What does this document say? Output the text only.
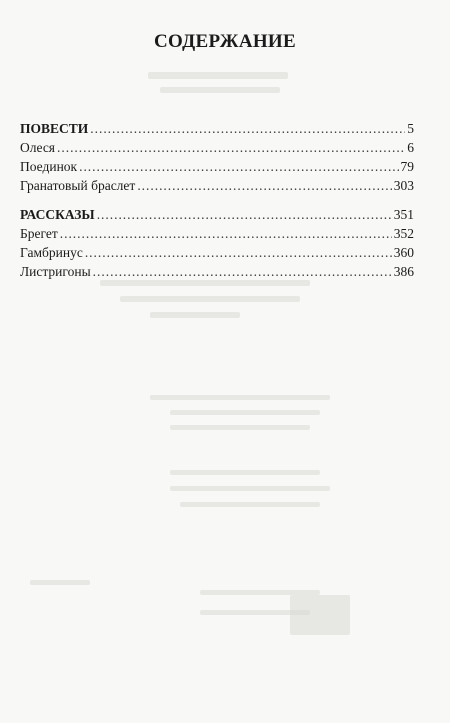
СОДЕРЖАНИЕ
ПОВЕСТИ . . .	5
Олеся . . .	6
Поединок . . .	79
Гранатовый браслет . . .	303
РАССКАЗЫ . . .	351
Брегет . . .	352
Гамбринус . . .	360
Листригоны . . .	386
